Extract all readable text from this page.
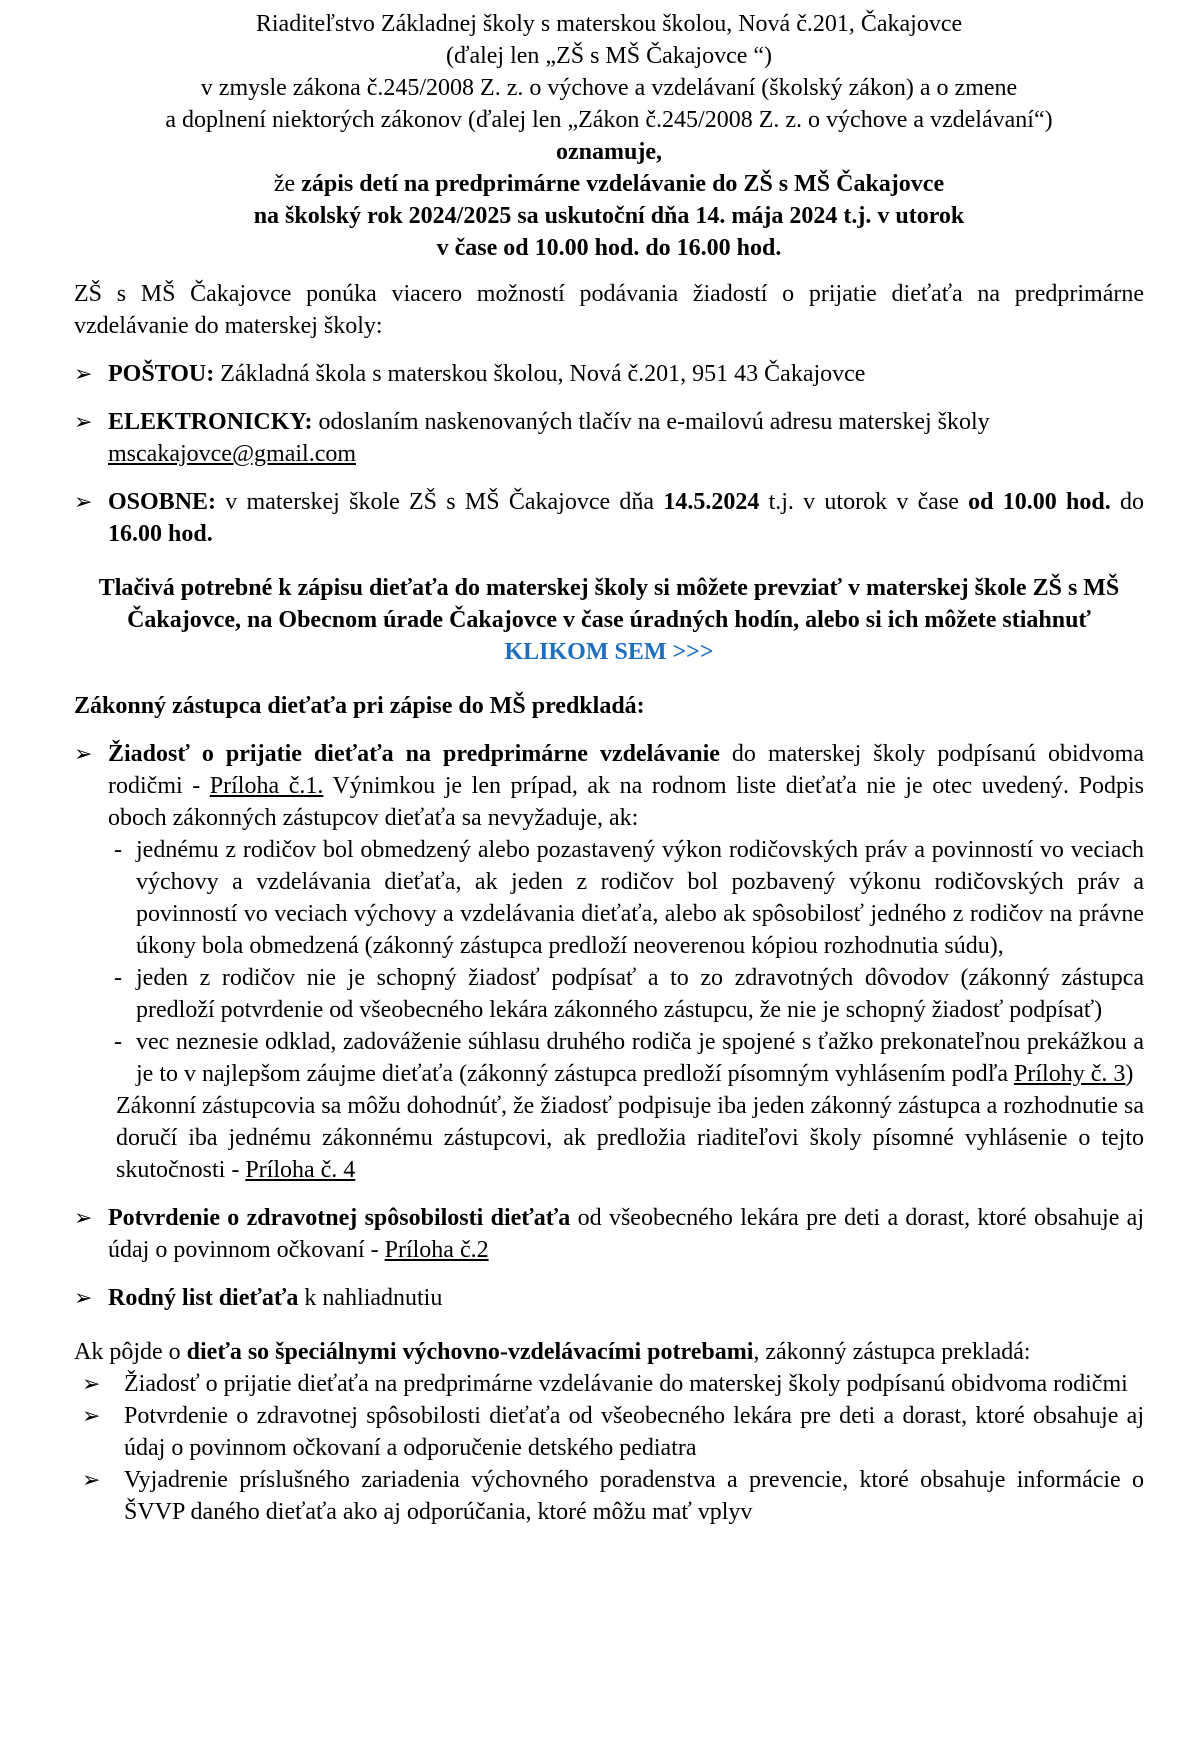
Riaditeľstvo Základnej školy s materskou školou, Nová č.201, Čakajovce
(ďalej len „ZŠ s MŠ Čakajovce “)
v zmysle zákona č.245/2008 Z. z. o výchove a vzdelávaní (školský zákon) a o zmene
a doplnení niektorých zákonov (ďalej len „Zákon č.245/2008 Z. z. o výchove a vzdelávaní“)
oznamuje,
že zápis detí na predprimárne vzdelávanie do ZŠ s MŠ Čakajovce
na školský rok 2024/2025 sa uskutoční dňa 14. mája 2024 t.j. v utorok
v čase od 10.00 hod. do 16.00 hod.
ZŠ s MŠ Čakajovce ponúka viacero možností podávania žiadostí o prijatie dieťaťa na predprimárne vzdelávanie do materskej školy:
➢ POŠTOU: Základná škola s materskou školou, Nová č.201, 951 43 Čakajovce
➢ ELEKTRONICKY: odoslaním naskenovaných tlačív na e-mailovú adresu materskej školy mscakajovce@gmail.com
➢ OSOBNE: v materskej škole ZŠ s MŠ Čakajovce dňa 14.5.2024 t.j. v utorok v čase od 10.00 hod. do 16.00 hod.
Tlačivá potrebné k zápisu dieťaťa do materskej školy si môžete prevziať v materskej škole ZŠ s MŠ Čakajovce, na Obecnom úrade Čakajovce v čase úradných hodín, alebo si ich môžete stiahnuť KLIKOM SEM >>>
Zákonný zástupca dieťaťa pri zápise do MŠ predkladá:
➢ Žiadosť o prijatie dieťaťa na predprimárne vzdelávanie do materskej školy podpísanú obidvoma rodičmi - Príloha č.1. Výnimkou je len prípad, ak na rodnom liste dieťaťa nie je otec uvedený. Podpis oboch zákonných zástupcov dieťaťa sa nevyžaduje, ak:
- jednému z rodičov bol obmedzený alebo pozastavený výkon rodičovských práv a povinností vo veciach výchovy a vzdelávania dieťaťa, ak jeden z rodičov bol pozbavený výkonu rodičovských práv a povinností vo veciach výchovy a vzdelávania dieťaťa, alebo ak spôsobilosť jedného z rodičov na právne úkony bola obmedzená (zákonný zástupca predloží neoverenou kópiou rozhodnutia súdu),
- jeden z rodičov nie je schopný žiadosť podpísať a to zo zdravotných dôvodov (zákonný zástupca predloží potvrdenie od všeobecného lekára zákonného zástupcu, že nie je schopný žiadosť podpísať)
- vec neznesie odklad, zadováženie súhlasu druhého rodiča je spojené s ťažko prekonateľnou prekážkou a je to v najlepšom záujme dieťaťa (zákonný zástupca predloží písomným vyhlásením podľa Prílohy č. 3)
Zákonní zástupcovia sa môžu dohodnúť, že žiadosť podpisuje iba jeden zákonný zástupca a rozhodnutie sa doručí iba jednému zákonnému zástupcovi, ak predložia riaditeľovi školy písomné vyhlásenie o tejto skutočnosti - Príloha č. 4
➢ Potvrdenie o zdravotnej spôsobilosti dieťaťa od všeobecného lekára pre deti a dorast, ktoré obsahuje aj údaj o povinnom očkovaní - Príloha č.2
➢ Rodný list dieťaťa k nahliadnutiu
Ak pôjde o dieťa so špeciálnymi výchovno-vzdelávacími potrebami, zákonný zástupca prekladá:
➢ Žiadosť o prijatie dieťaťa na predprimárne vzdelávanie do materskej školy podpísanú obidvoma rodičmi
➢ Potvrdenie o zdravotnej spôsobilosti dieťaťa od všeobecného lekára pre deti a dorast, ktoré obsahuje aj údaj o povinnom očkovaní a odporučenie detského pediatra
➢ Vyjadrenie príslušného zariadenia výchovného poradenstva a prevencie, ktoré obsahuje informácie o ŠVVP daného dieťaťa ako aj odporúčania, ktoré môžu mať vplyv
